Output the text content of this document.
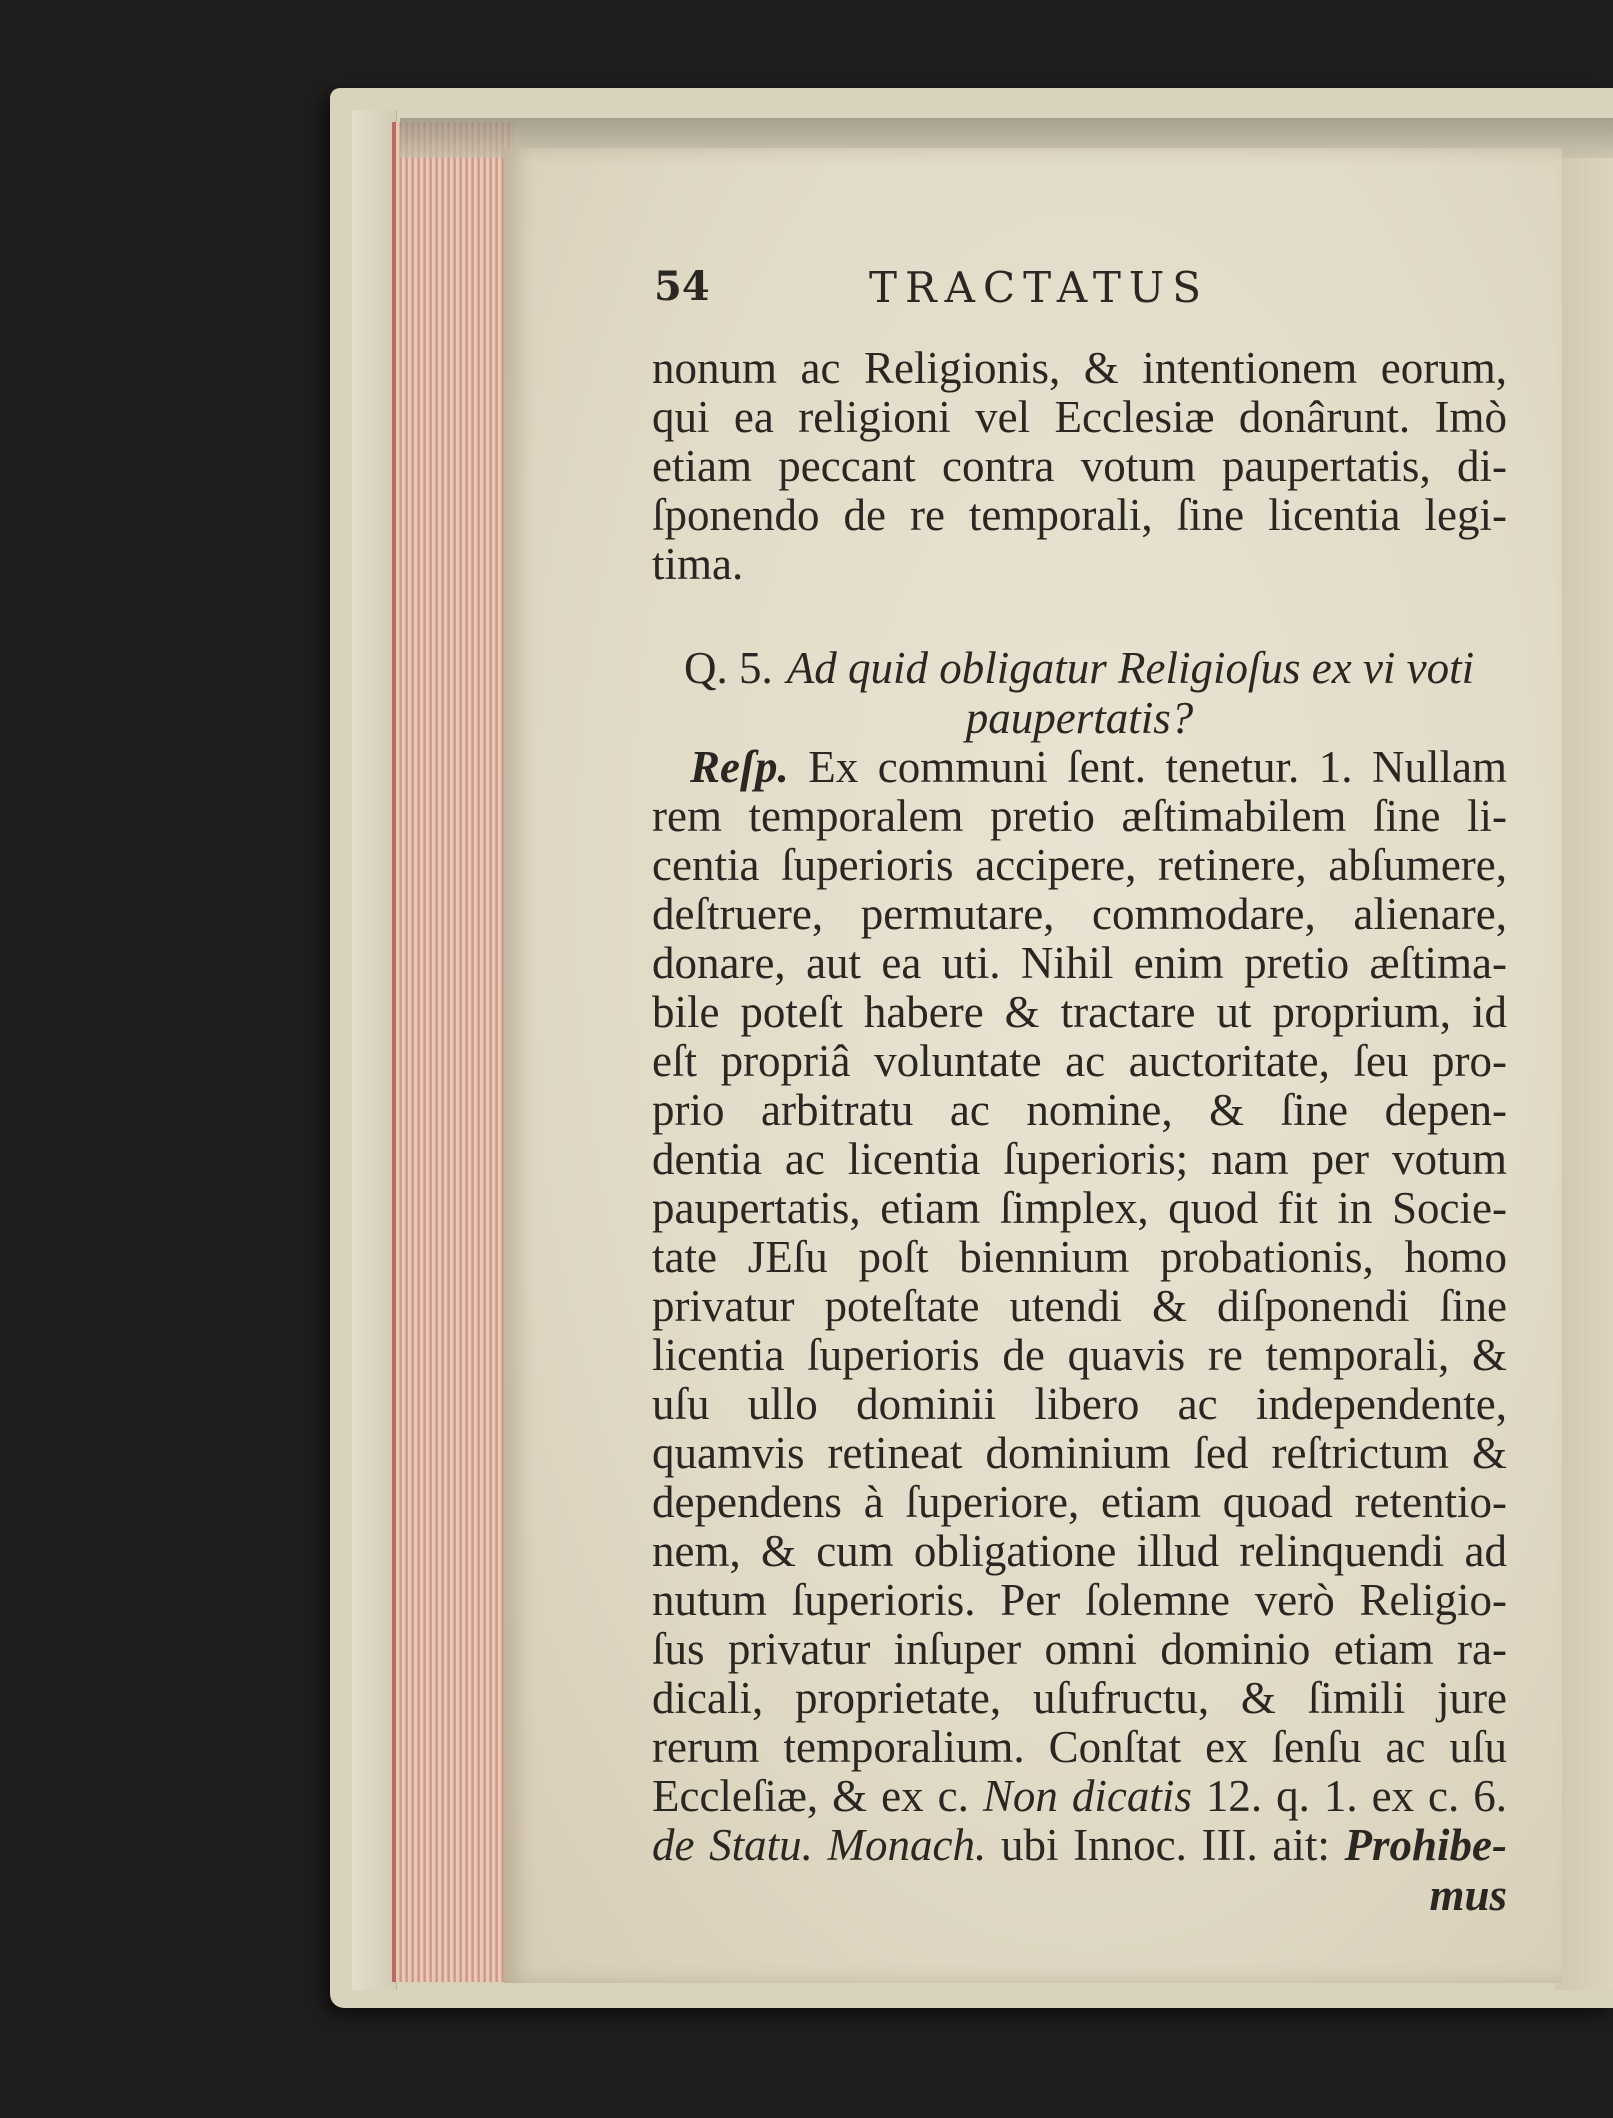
54	TRACTATUS
nonum ac Religionis, & intentionem eorum,
qui ea religioni vel Ecclesiæ donârunt. Imò
etiam peccant contra votum paupertatis, di-
ſponendo de re temporali, ſine licentia legi-
tima.
Q. 5. Ad quid obligatur Religioſus ex vi voti
paupertatis?
Reſp. Ex communi ſent. tenetur. 1. Nullam
rem temporalem pretio æſtimabilem ſine li-
centia ſuperioris accipere, retinere, abſumere,
deſtruere, permutare, commodare, alienare,
donare, aut ea uti. Nihil enim pretio æſtima-
bile poteſt habere & tractare ut proprium, id
eſt propriâ voluntate ac auctoritate, ſeu pro-
prio arbitratu ac nomine, & ſine depen-
dentia ac licentia ſuperioris; nam per votum
paupertatis, etiam ſimplex, quod fit in Socie-
tate JEſu poſt biennium probationis, homo
privatur poteſtate utendi & diſponendi ſine
licentia ſuperioris de quavis re temporali, &
uſu ullo dominii libero ac independente,
quamvis retineat dominium ſed reſtrictum &
dependens à ſuperiore, etiam quoad retentio-
nem, & cum obligatione illud relinquendi ad
nutum ſuperioris. Per ſolemne verò Religio-
ſus privatur inſuper omni dominio etiam ra-
dicali, proprietate, uſufructu, & ſimili jure
rerum temporalium. Conſtat ex ſenſu ac uſu
Eccleſiæ, & ex c. Non dicatis 12. q. 1. ex c. 6.
de Statu. Monach. ubi Innoc. III. ait: Prohibe-
mus
